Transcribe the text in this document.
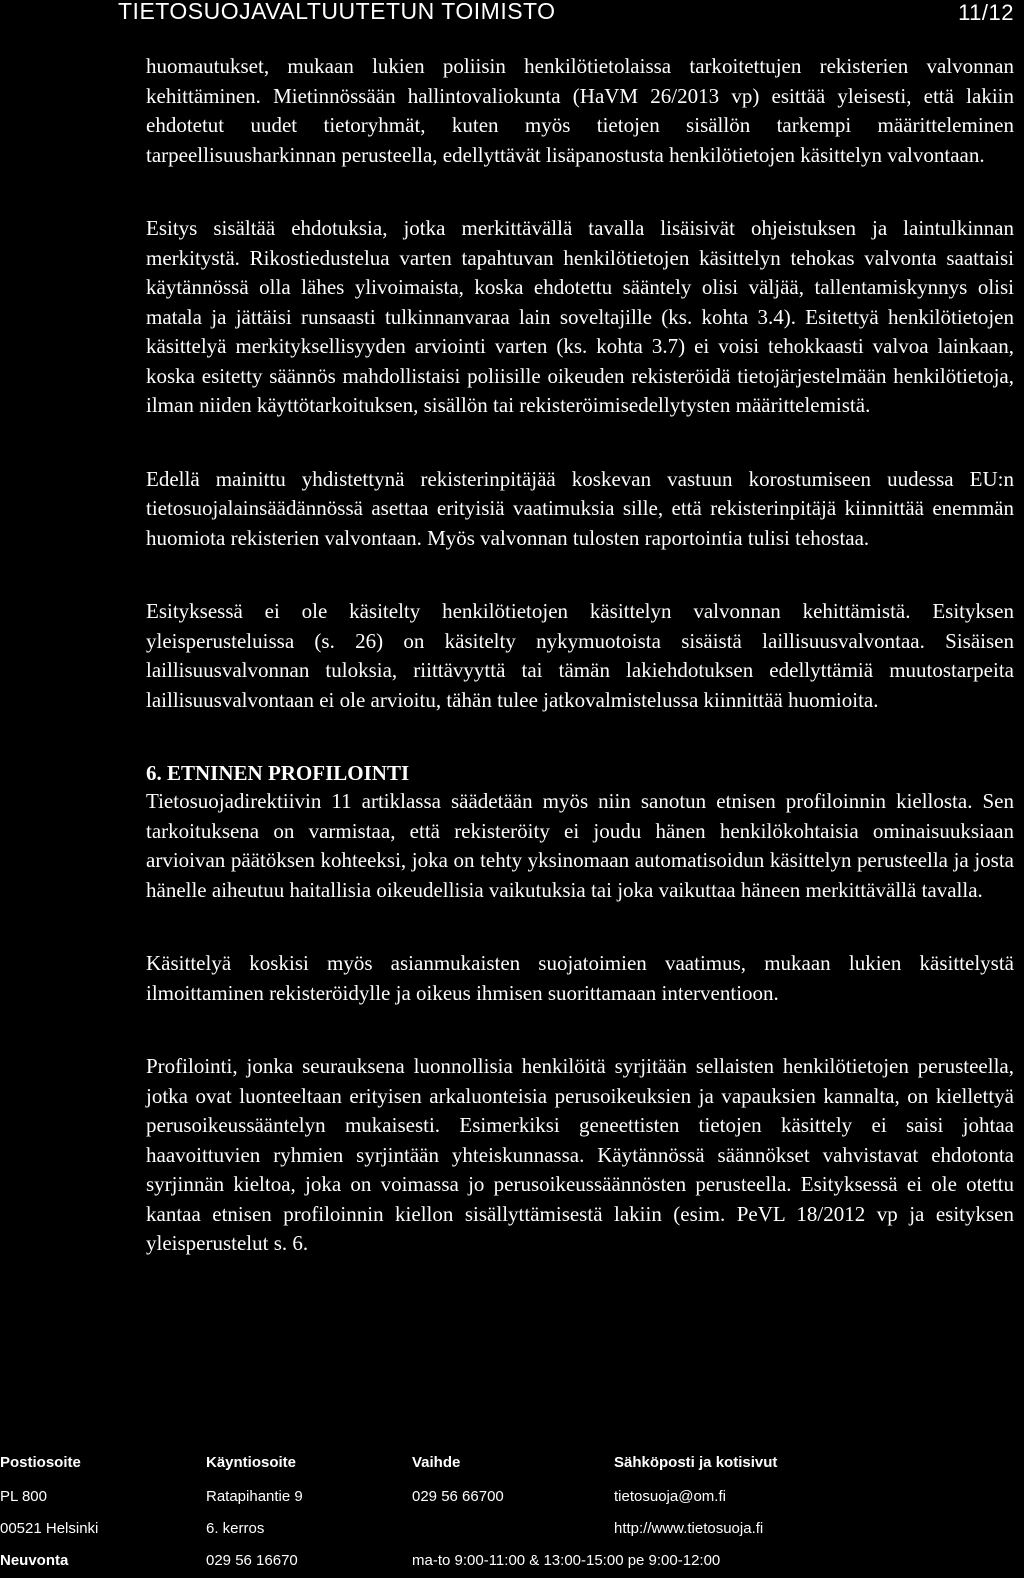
TIETOSUOJAVALTUUTETUN TOIMISTO	11/12

huomautukset, mukaan lukien poliisin henkilötietolaissa tarkoitettujen rekisterien valvonnan kehittäminen. Mietinnössään hallintovaliokunta (HaVM 26/2013 vp) esittää yleisesti, että lakiin ehdotetut uudet tietoryhmät, kuten myös tietojen sisällön tarkempi määritteleminen tarpeellisuusharkinnan perusteella, edellyttävät lisäpanostusta henkilötietojen käsittelyn valvontaan.

Esitys sisältää ehdotuksia, jotka merkittävällä tavalla lisäisivät ohjeistuksen ja laintulkinnan merkitystä. Rikostiedustelua varten tapahtuvan henkilötietojen käsittelyn tehokas valvonta saattaisi käytännössä olla lähes ylivoimaista, koska ehdotettu sääntely olisi väljää, tallentamiskynnys olisi matala ja jättäisi runsaasti tulkinnanvaraa lain soveltajille (ks. kohta 3.4). Esitettyä henkilötietojen käsittelyä merkityksellisyyden arviointi varten (ks. kohta 3.7) ei voisi tehokkaasti valvoa lainkaan, koska esitetty säännös mahdollistaisi poliisille oikeuden rekisteröidä tietojärjestelmään henkilötietoja, ilman niiden käyttötarkoituksen, sisällön tai rekisteröimisedellytysten määrittelemistä.

Edellä mainittu yhdistettynä rekisterinpitäjää koskevan vastuun korostumiseen uudessa EU:n tietosuojalainsäädännössä asettaa erityisiä vaatimuksia sille, että rekisterinpitäjä kiinnittää enemmän huomiota rekisterien valvontaan. Myös valvonnan tulosten raportointia tulisi tehostaa.

Esityksessä ei ole käsitelty henkilötietojen käsittelyn valvonnan kehittämistä. Esityksen yleisperusteluissa (s. 26) on käsitelty nykymuotoista sisäistä laillisuusvalvontaa. Sisäisen laillisuusvalvonnan tuloksia, riittävyyttä tai tämän lakiehdotuksen edellyttämiä muutostarpeita laillisuusvalvontaan ei ole arvioitu, tähän tulee jatkovalmistelussa kiinnittää huomioita.

6. ETNINEN PROFILOINTI

Tietosuojadirektiivin 11 artiklassa säädetään myös niin sanotun etnisen profiloinnin kiellosta. Sen tarkoituksena on varmistaa, että rekisteröity ei joudu hänen henkilökohtaisia ominaisuuksiaan arvioivan päätöksen kohteeksi, joka on tehty yksinomaan automatisoidun käsittelyn perusteella ja josta hänelle aiheutuu haitallisia oikeudellisia vaikutuksia tai joka vaikuttaa häneen merkittävällä tavalla.

Käsittelyä koskisi myös asianmukaisten suojatoimien vaatimus, mukaan lukien käsittelystä ilmoittaminen rekisteröidylle ja oikeus ihmisen suorittamaan interventioon.

Profilointi, jonka seurauksena luonnollisia henkilöitä syrjitään sellaisten henkilötietojen perusteella, jotka ovat luonteeltaan erityisen arkaluonteisia perusoikeuksien ja vapauksien kannalta, on kiellettyä perusoikeussääntelyn mukaisesti. Esimerkiksi geneettisten tietojen käsittely ei saisi johtaa haavoittuvien ryhmien syrjintään yhteiskunnassa. Käytännössä säännökset vahvistavat ehdotonta syrjinnän kieltoa, joka on voimassa jo perusoikeussäännösten perusteella. Esityksessä ei ole otettu kantaa etnisen profiloinnin kiellon sisällyttämisestä lakiin (esim. PeVL 18/2012 vp ja esityksen yleisperustelut s. 6.

Postiosoite
PL 800
00521 Helsinki
Neuvonta
Käyntiosoite
Ratapihantie 9
6. kerros
029 56 16670
Vaihde
029 56 66700
Sähköposti ja kotisivut
tietosuoja@om.fi
http://www.tietosuoja.fi
ma-to 9:00-11:00 & 13:00-15:00 pe 9:00-12:00
